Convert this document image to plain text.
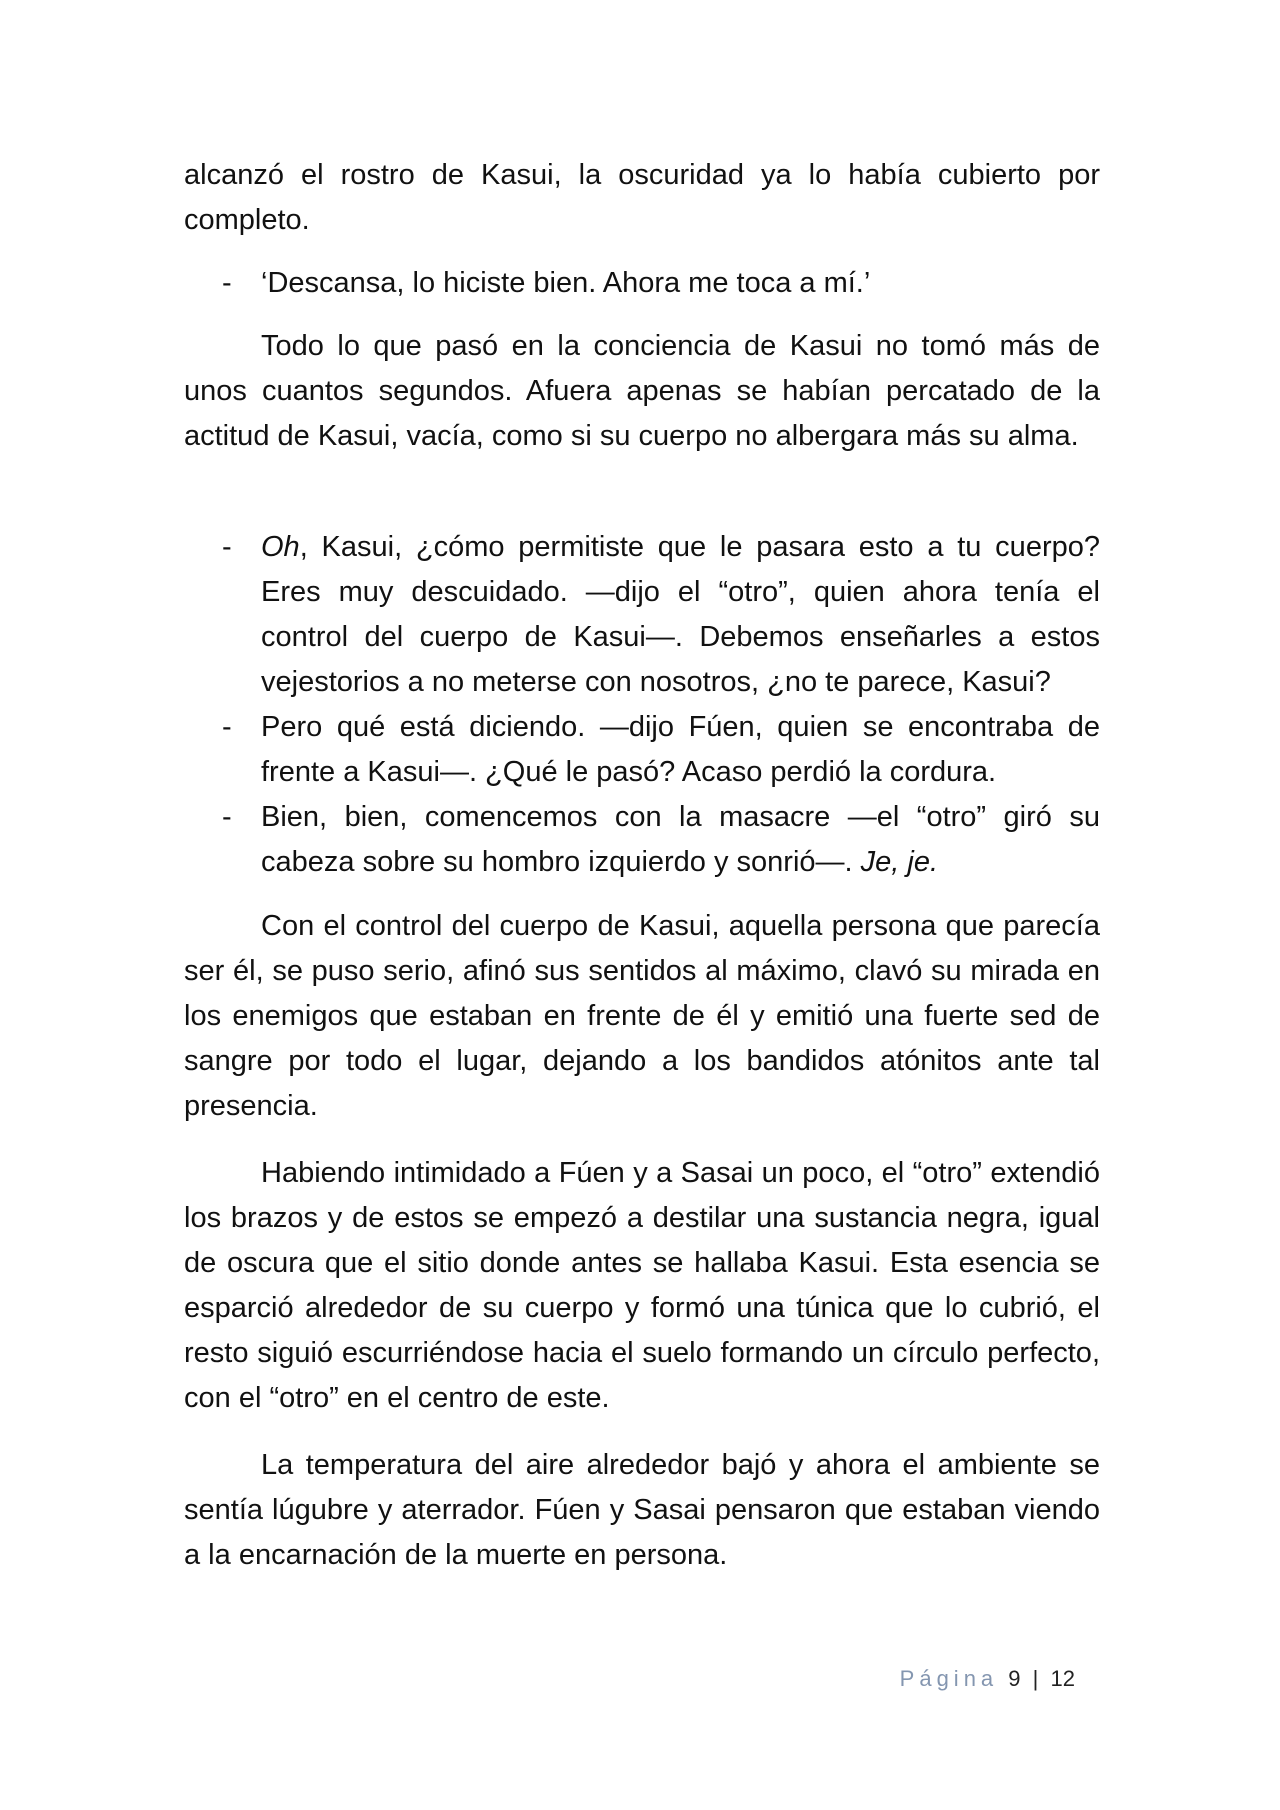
alcanzó el rostro de Kasui, la oscuridad ya lo había cubierto por completo.

- ‘Descansa, lo hiciste bien. Ahora me toca a mí.’

Todo lo que pasó en la conciencia de Kasui no tomó más de unos cuantos segundos. Afuera apenas se habían percatado de la actitud de Kasui, vacía, como si su cuerpo no albergara más su alma.

- Oh, Kasui, ¿cómo permitiste que le pasara esto a tu cuerpo? Eres muy descuidado. —dijo el “otro”, quien ahora tenía el control del cuerpo de Kasui—. Debemos enseñarles a estos vejestorios a no meterse con nosotros, ¿no te parece, Kasui?
- Pero qué está diciendo. —dijo Fúen, quien se encontraba de frente a Kasui—. ¿Qué le pasó? Acaso perdió la cordura.
- Bien, bien, comencemos con la masacre —el “otro” giró su cabeza sobre su hombro izquierdo y sonrió—. Je, je.

Con el control del cuerpo de Kasui, aquella persona que parecía ser él, se puso serio, afinó sus sentidos al máximo, clavó su mirada en los enemigos que estaban en frente de él y emitió una fuerte sed de sangre por todo el lugar, dejando a los bandidos atónitos ante tal presencia.

Habiendo intimidado a Fúen y a Sasai un poco, el “otro” extendió los brazos y de estos se empezó a destilar una sustancia negra, igual de oscura que el sitio donde antes se hallaba Kasui. Esta esencia se esparció alrededor de su cuerpo y formó una túnica que lo cubrió, el resto siguió escurriéndose hacia el suelo formando un círculo perfecto, con el “otro” en el centro de este.

La temperatura del aire alrededor bajó y ahora el ambiente se sentía lúgubre y aterrador. Fúen y Sasai pensaron que estaban viendo a la encarnación de la muerte en persona.

Página 9 | 12
